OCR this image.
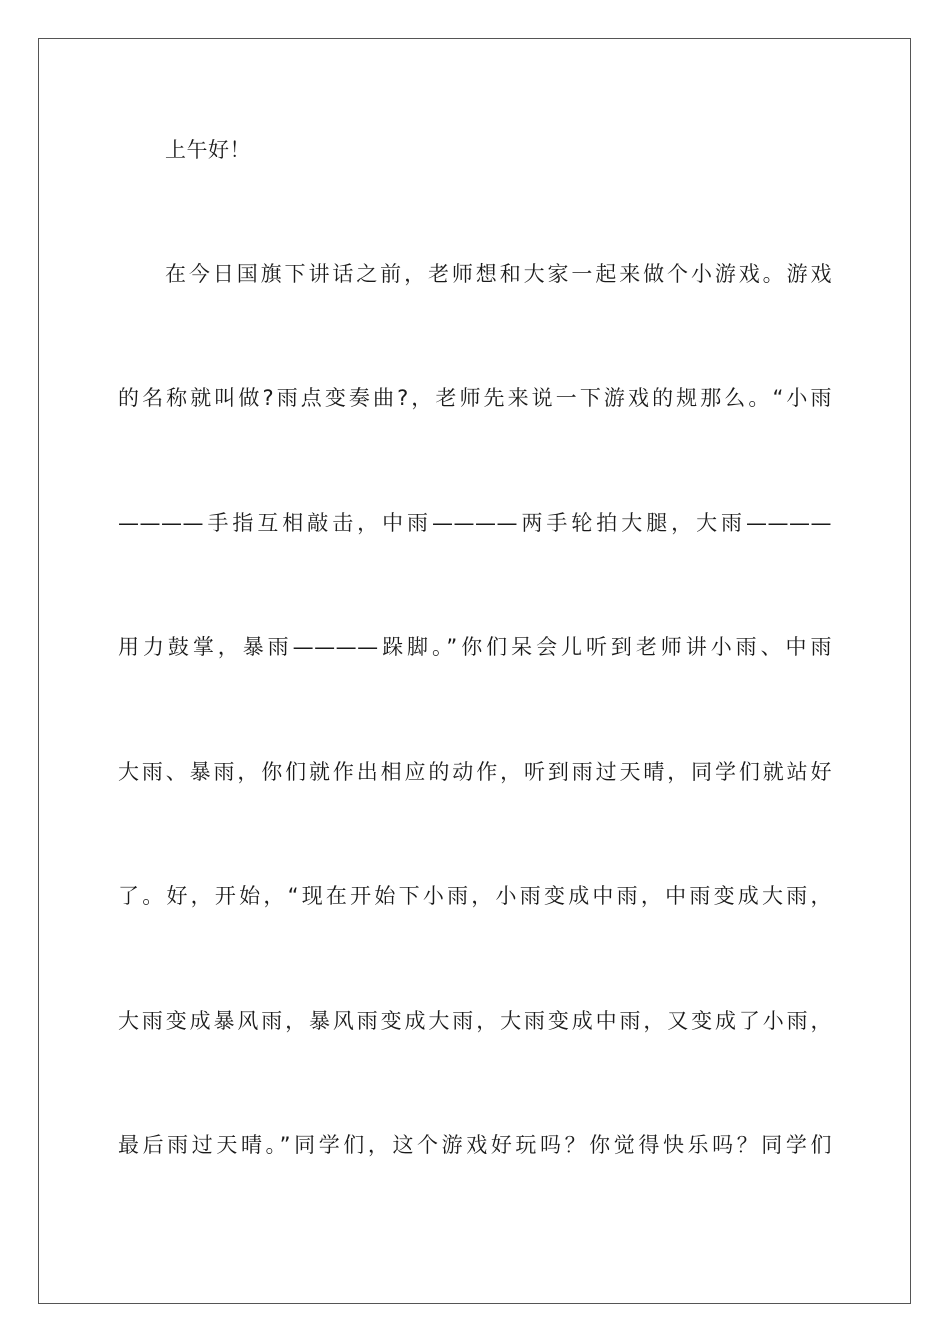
上午好！
在今日国旗下讲话之前，老师想和大家一起来做个小游戏。游戏
的名称就叫做?雨点变奏曲?，老师先来说一下游戏的规那么。“小雨
————手指互相敲击，中雨————两手轮拍大腿，大雨————
用力鼓掌，暴雨————跺脚。”你们呆会儿听到老师讲小雨、中雨
大雨、暴雨，你们就作出相应的动作，听到雨过天晴，同学们就站好
了。好，开始，“现在开始下小雨，小雨变成中雨，中雨变成大雨，
大雨变成暴风雨，暴风雨变成大雨，大雨变成中雨，又变成了小雨，
最后雨过天晴。”同学们，这个游戏好玩吗？你觉得快乐吗？同学们
